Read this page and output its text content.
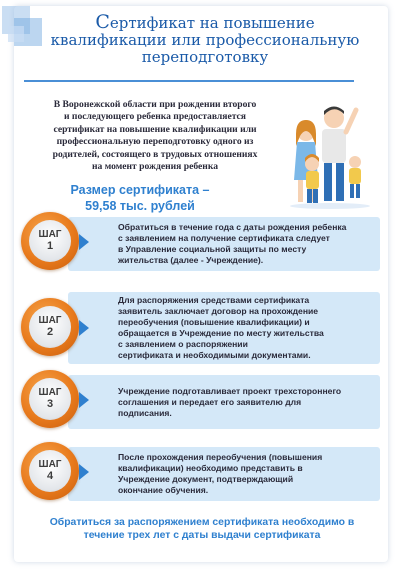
Сертификат на повышение
квалификации или профессиональную
переподготовку
В Воронежской области при рождении второго
и последующего ребенка предоставляется
сертификат на повышение квалификации или
профессиональную переподготовку одного из
родителей, состоящего в трудовых отношениях
на момент рождения ребенка
Размер сертификата –
59,58 тыс. рублей
ШАГ
1
Обратиться в течение года с даты рождения ребенка
с заявлением на получение сертификата следует
в Управление социальной защиты по месту
жительства (далее - Учреждение).
ШАГ
2
Для распоряжения средствами сертификата
заявитель заключает договор на прохождение
переобучения (повышение квалификации) и
обращается в Учреждение по месту жительства
с заявлением о распоряжении
сертификата и необходимыми документами.
ШАГ
3
Учреждение подготавливает проект трехстороннего
соглашения и передает его заявителю для
подписания.
ШАГ
4
После прохождения переобучения (повышения
квалификации) необходимо представить в
Учреждение документ, подтверждающий
окончание обучения.
Обратиться за распоряжением сертификата необходимо в
течение трех лет с даты выдачи сертификата
